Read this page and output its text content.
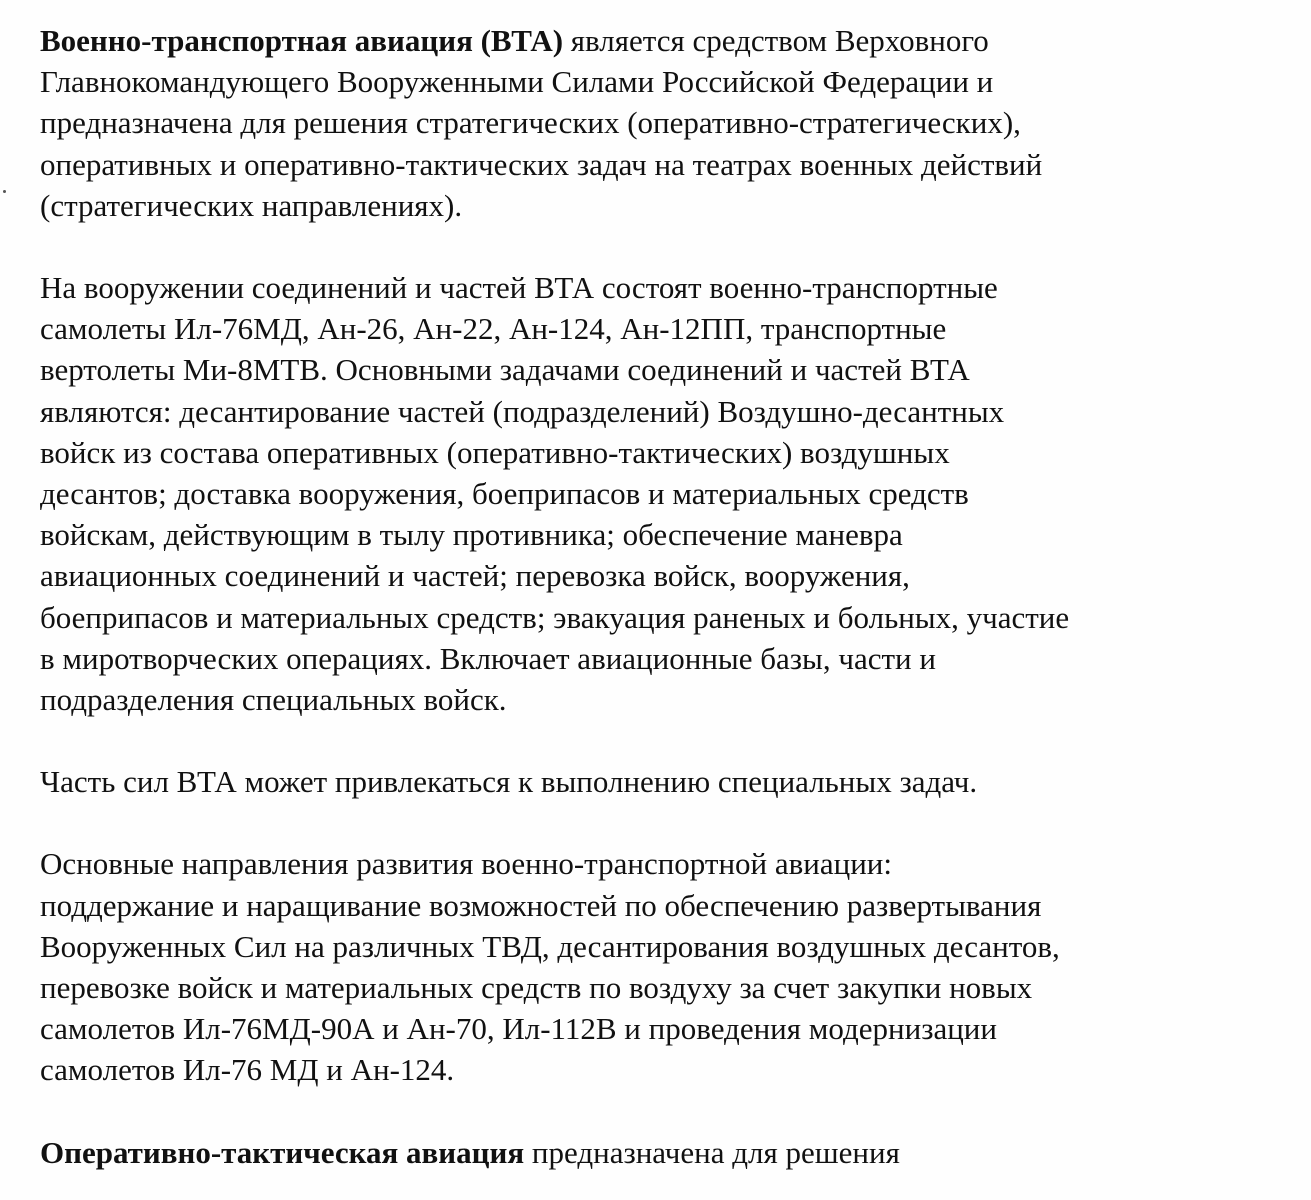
Военно-транспортная авиация (ВТА) является средством Верховного
Главнокомандующего Вооруженными Силами Российской Федерации и
предназначена для решения стратегических (оперативно-стратегических),
оперативных и оперативно-тактических задач на театрах военных действий
(стратегических направлениях).

На вооружении соединений и частей ВТА состоят военно-транспортные
самолеты Ил-76МД, Ан-26, Ан-22, Ан-124, Ан-12ПП, транспортные
вертолеты Ми-8МТВ. Основными задачами соединений и частей ВТА
являются: десантирование частей (подразделений) Воздушно-десантных
войск из состава оперативных (оперативно-тактических) воздушных
десантов; доставка вооружения, боеприпасов и материальных средств
войскам, действующим в тылу противника; обеспечение маневра
авиационных соединений и частей; перевозка войск, вооружения,
боеприпасов и материальных средств; эвакуация раненых и больных, участие
в миротворческих операциях. Включает авиационные базы, части и
подразделения специальных войск.

Часть сил ВТА может привлекаться к выполнению специальных задач.

Основные направления развития военно-транспортной авиации:
поддержание и наращивание возможностей по обеспечению развертывания
Вооруженных Сил на различных ТВД, десантирования воздушных десантов,
перевозке войск и материальных средств по воздуху за счет закупки новых
самолетов Ил-76МД-90А и Ан-70, Ил-112В и проведения модернизации
самолетов Ил-76 МД и Ан-124.

Оперативно-тактическая авиация предназначена для решения
